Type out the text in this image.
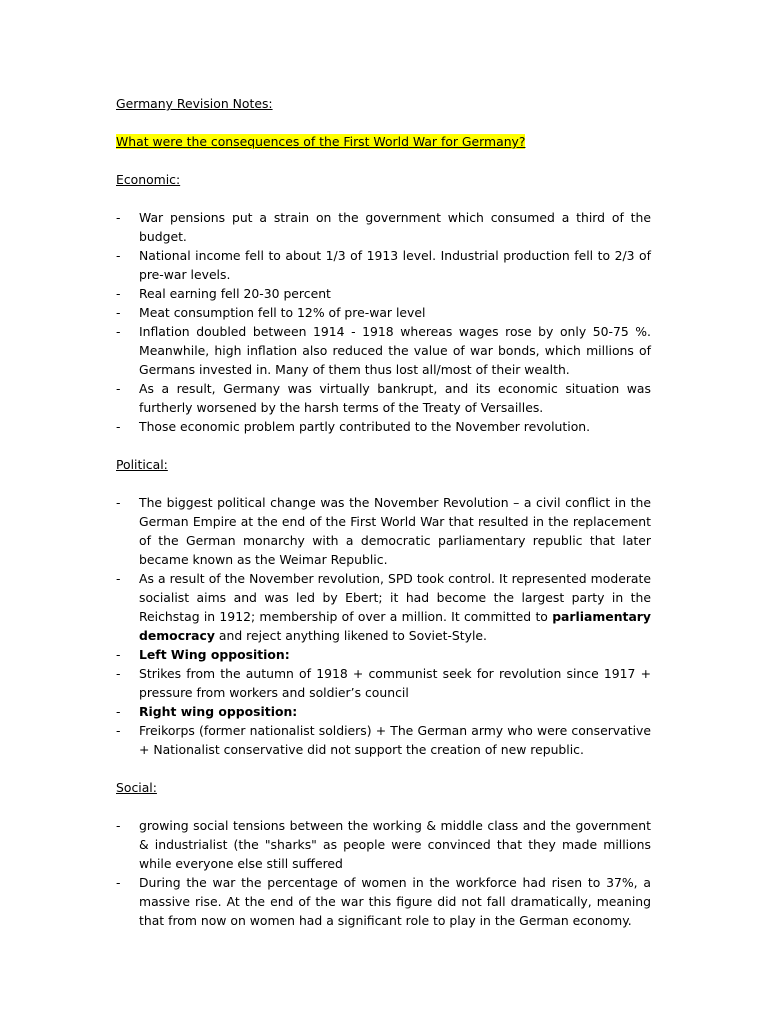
Germany Revision Notes:

What were the consequences of the First World War for Germany?

Economic:

- War pensions put a strain on the government which consumed a third of the budget.
- National income fell to about 1/3 of 1913 level. Industrial production fell to 2/3 of pre-war levels.
- Real earning fell 20-30 percent
- Meat consumption fell to 12% of pre-war level
- Inflation doubled between 1914 - 1918 whereas wages rose by only 50-75 %. Meanwhile, high inflation also reduced the value of war bonds, which millions of Germans invested in. Many of them thus lost all/most of their wealth.
- As a result, Germany was virtually bankrupt, and its economic situation was furtherly worsened by the harsh terms of the Treaty of Versailles.
- Those economic problem partly contributed to the November revolution.

Political:

- The biggest political change was the November Revolution – a civil conflict in the German Empire at the end of the First World War that resulted in the replacement of the German monarchy with a democratic parliamentary republic that later became known as the Weimar Republic.
- As a result of the November revolution, SPD took control. It represented moderate socialist aims and was led by Ebert; it had become the largest party in the Reichstag in 1912; membership of over a million. It committed to parliamentary democracy and reject anything likened to Soviet-Style.
- Left Wing opposition:
- Strikes from the autumn of 1918 + communist seek for revolution since 1917 + pressure from workers and soldier’s council
- Right wing opposition:
- Freikorps (former nationalist soldiers) + The German army who were conservative + Nationalist conservative did not support the creation of new republic.

Social:

- growing social tensions between the working & middle class and the government & industrialist (the "sharks" as people were convinced that they made millions while everyone else still suffered
- During the war the percentage of women in the workforce had risen to 37%, a massive rise. At the end of the war this figure did not fall dramatically, meaning that from now on women had a significant role to play in the German economy.
